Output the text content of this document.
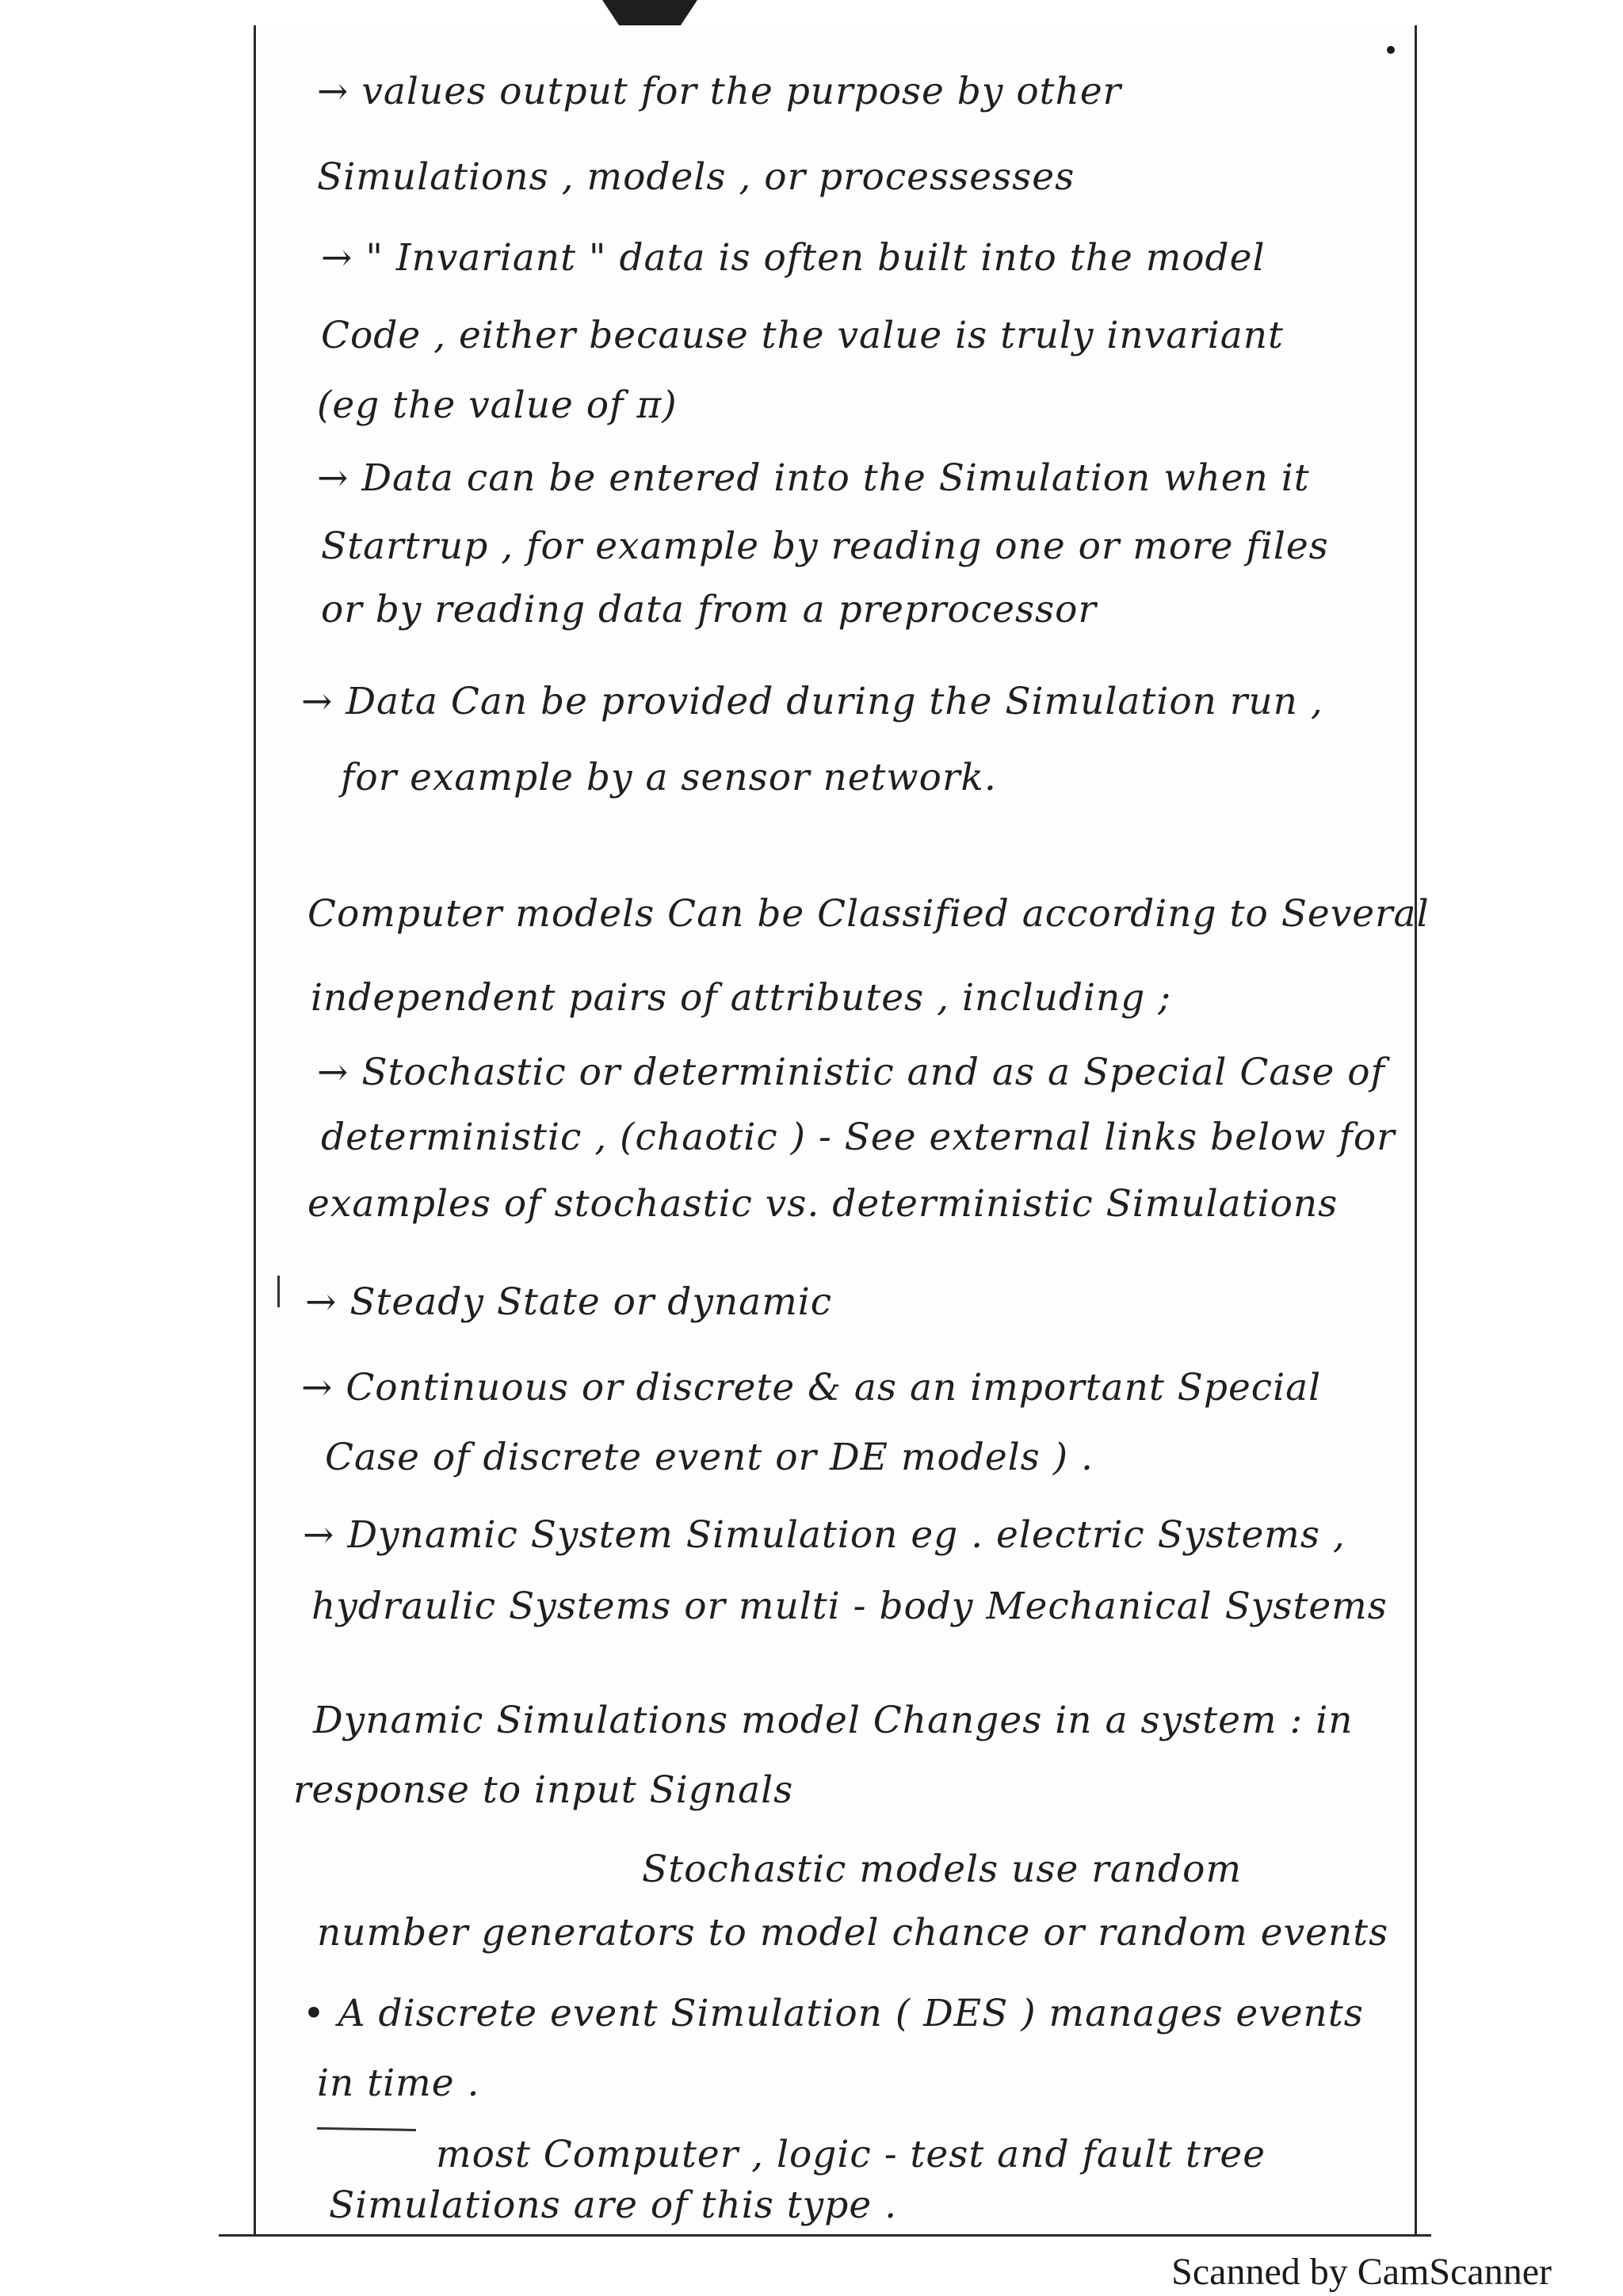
→ values output for the purpose by other
Simulations , models , or processesses
→ " Invariant " data is often built into the model
Code , either because the value is truly invariant
(eg the value of π)
→ Data can be entered into the Simulation when it
Startrup , for example by reading one or more files
or by reading data from a preprocessor
→ Data Can be provided during the Simulation run ,
for example by a sensor network.
Computer models Can be Classified according to Several
independent pairs of attributes , including ;
→ Stochastic or deterministic and as a Special Case of
deterministic , (chaotic ) - See external links below for
examples of stochastic vs. deterministic Simulations
→ Steady State or dynamic
→ Continuous or discrete & as an important Special
Case of discrete event or DE models ) .
→ Dynamic System Simulation eg . electric Systems ,
hydraulic Systems or multi - body Mechanical Systems
Dynamic Simulations model Changes in a system : in
response to input Signals
Stochastic models use random
number generators to model chance or random events
• A discrete event Simulation ( DES ) manages events
in time .
most Computer , logic - test and fault tree
Simulations are of this type .
Scanned by CamScanner
